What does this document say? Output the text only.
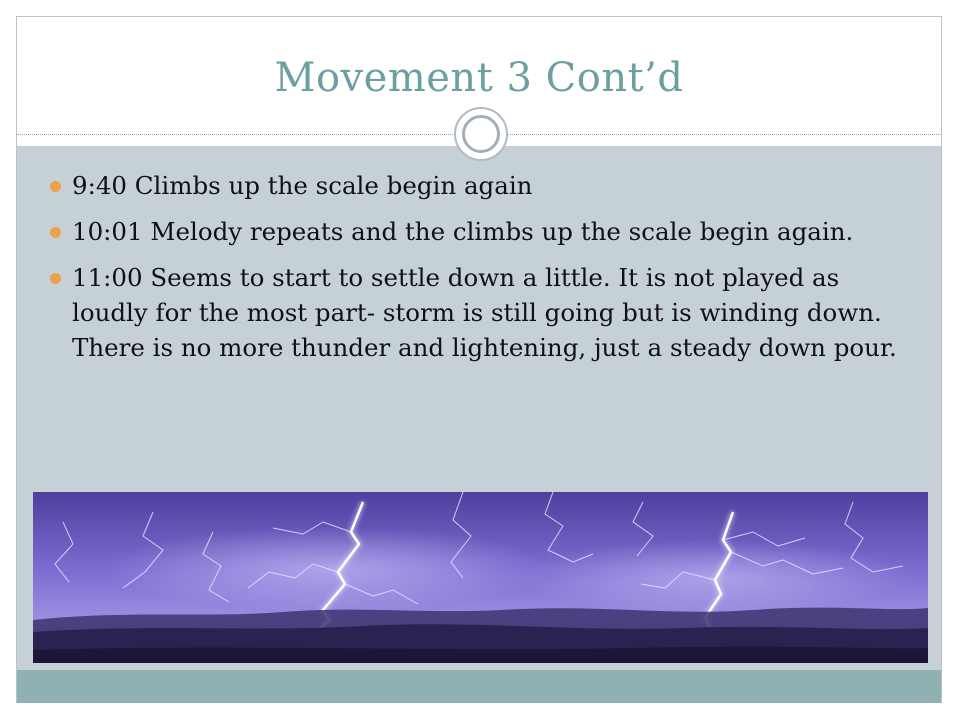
Movement 3 Cont’d
9:40 Climbs up the scale begin again
10:01 Melody repeats and the climbs up the scale begin again.
11:00 Seems to start to settle down a little. It is not played as loudly for the most part- storm is still going but is winding down. There is no more thunder and lightening, just a steady down pour.
